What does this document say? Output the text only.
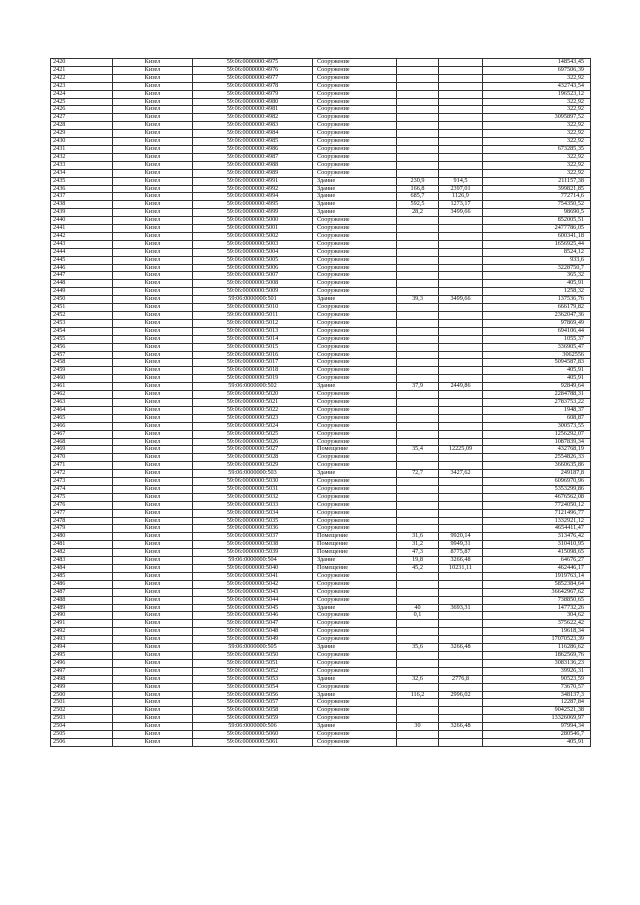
2420	Кизел	59:06:0000000:4975	Сооружение			148543,45
2421	Кизел	59:06:0000000:4976	Сооружение			697506,39
2422	Кизел	59:06:0000000:4977	Сооружение			322,92
2423	Кизел	59:06:0000000:4978	Сооружение			432743,54
2424	Кизел	59:06:0000000:4979	Сооружение			196523,12
2425	Кизел	59:06:0000000:4980	Сооружение			322,92
2426	Кизел	59:06:0000000:4981	Сооружение			322,92
2427	Кизел	59:06:0000000:4982	Сооружение			3095897,52
2428	Кизел	59:06:0000000:4983	Сооружение			322,92
2429	Кизел	59:06:0000000:4984	Сооружение			322,92
2430	Кизел	59:06:0000000:4985	Сооружение			322,92
2431	Кизел	59:06:0000000:4986	Сооружение			673285,35
2432	Кизел	59:06:0000000:4987	Сооружение			322,92
2433	Кизел	59:06:0000000:4988	Сооружение			322,92
2434	Кизел	59:06:0000000:4989	Сооружение			322,92
2435	Кизел	59:06:0000000:4991	Здание	230,9	914,5	211157,38
2436	Кизел	59:06:0000000:4992	Здание	166,8	2397,01	399821,85
2437	Кизел	59:06:0000000:4994	Здание	685,7	1126,9	772714,6
2438	Кизел	59:06:0000000:4995	Здание	592,5	1273,17	754350,52
2439	Кизел	59:06:0000000:4999	Здание	28,2	3499,66	98690,5
2440	Кизел	59:06:0000000:5000	Сооружение			852005,51
2441	Кизел	59:06:0000000:5001	Сооружение			2477786,05
2442	Кизел	59:06:0000000:5002	Сооружение			600341,18
2443	Кизел	59:06:0000000:5003	Сооружение			1656925,44
2444	Кизел	59:06:0000000:5004	Сооружение			8524,12
2445	Кизел	59:06:0000000:5005	Сооружение			933,6
2446	Кизел	59:06:0000000:5006	Сооружение			3228750,7
2447	Кизел	59:06:0000000:5007	Сооружение			365,32
2448	Кизел	59:06:0000000:5008	Сооружение			405,91
2449	Кизел	59:06:0000000:5009	Сооружение			1258,32
2450	Кизел	59:06:0000000:501	Здание	39,3	3499,66	137536,76
2451	Кизел	59:06:0000000:5010	Сооружение			666179,82
2452	Кизел	59:06:0000000:5011	Сооружение			2362047,36
2453	Кизел	59:06:0000000:5012	Сооружение			97869,49
2454	Кизел	59:06:0000000:5013	Сооружение			694106,44
2455	Кизел	59:06:0000000:5014	Сооружение			1055,37
2456	Кизел	59:06:0000000:5015	Сооружение			336905,47
2457	Кизел	59:06:0000000:5016	Сооружение			3062556
2458	Кизел	59:06:0000000:5017	Сооружение			5094587,83
2459	Кизел	59:06:0000000:5018	Сооружение			405,91
2460	Кизел	59:06:0000000:5019	Сооружение			405,91
2461	Кизел	59:06:0000000:502	Здание	37,9	2449,86	92849,64
2462	Кизел	59:06:0000000:5020	Сооружение			2284788,31
2463	Кизел	59:06:0000000:5021	Сооружение			2783753,22
2464	Кизел	59:06:0000000:5022	Сооружение			1948,37
2465	Кизел	59:06:0000000:5023	Сооружение			608,87
2466	Кизел	59:06:0000000:5024	Сооружение			300573,55
2467	Кизел	59:06:0000000:5025	Сооружение			1256292,07
2468	Кизел	59:06:0000000:5026	Сооружение			1087839,34
2469	Кизел	59:06:0000000:5027	Помещение	35,4	12225,09	432768,19
2470	Кизел	59:06:0000000:5028	Сооружение			2554826,33
2471	Кизел	59:06:0000000:5029	Сооружение			3660635,86
2472	Кизел	59:06:0000000:503	Здание	72,7	3427,62	249187,8
2473	Кизел	59:06:0000000:5030	Сооружение			6096970,96
2474	Кизел	59:06:0000000:5031	Сооружение			5353299,86
2475	Кизел	59:06:0000000:5032	Сооружение			4676562,08
2476	Кизел	59:06:0000000:5033	Сооружение			7724050,12
2477	Кизел	59:06:0000000:5034	Сооружение			7121496,77
2478	Кизел	59:06:0000000:5035	Сооружение			1332921,12
2479	Кизел	59:06:0000000:5036	Сооружение			4654411,47
2480	Кизел	59:06:0000000:5037	Помещение	31,6	9920,14	313476,42
2481	Кизел	59:06:0000000:5038	Помещение	31,2	9949,31	310410,95
2482	Кизел	59:06:0000000:5039	Помещение	47,3	8775,87	415098,65
2483	Кизел	59:06:0000000:504	Здание	19,8	3266,48	64676,27
2484	Кизел	59:06:0000000:5040	Помещение	45,2	10231,11	462446,17
2485	Кизел	59:06:0000000:5041	Сооружение			1919763,14
2486	Кизел	59:06:0000000:5042	Сооружение			5852384,64
2487	Кизел	59:06:0000000:5043	Сооружение			36642967,62
2488	Кизел	59:06:0000000:5044	Сооружение			738850,65
2489	Кизел	59:06:0000000:5045	Здание	40	3693,31	147732,26
2490	Кизел	59:06:0000000:5046	Сооружение	0,1		304,62
2491	Кизел	59:06:0000000:5047	Сооружение			375622,42
2492	Кизел	59:06:0000000:5048	Сооружение			19618,34
2493	Кизел	59:06:0000000:5049	Сооружение			17070523,39
2494	Кизел	59:06:0000000:505	Здание	35,6	3266,48	116286,62
2495	Кизел	59:06:0000000:5050	Сооружение			1862569,76
2496	Кизел	59:06:0000000:5051	Сооружение			3083136,23
2497	Кизел	59:06:0000000:5052	Сооружение			39926,31
2498	Кизел	59:06:0000000:5053	Здание	32,6	2776,8	90523,59
2499	Кизел	59:06:0000000:5054	Сооружение			73670,57
2500	Кизел	59:06:0000000:5056	Здание	116,2	2996,02	348137,3
2501	Кизел	59:06:0000000:5057	Сооружение			12287,84
2502	Кизел	59:06:0000000:5058	Сооружение			9042521,38
2503	Кизел	59:06:0000000:5059	Сооружение			13326069,97
2504	Кизел	59:06:0000000:506	Здание	30	3266,48	97994,34
2505	Кизел	59:06:0000000:5060	Сооружение			280546,7
2506	Кизел	59:06:0000000:5061	Сооружение			405,91
